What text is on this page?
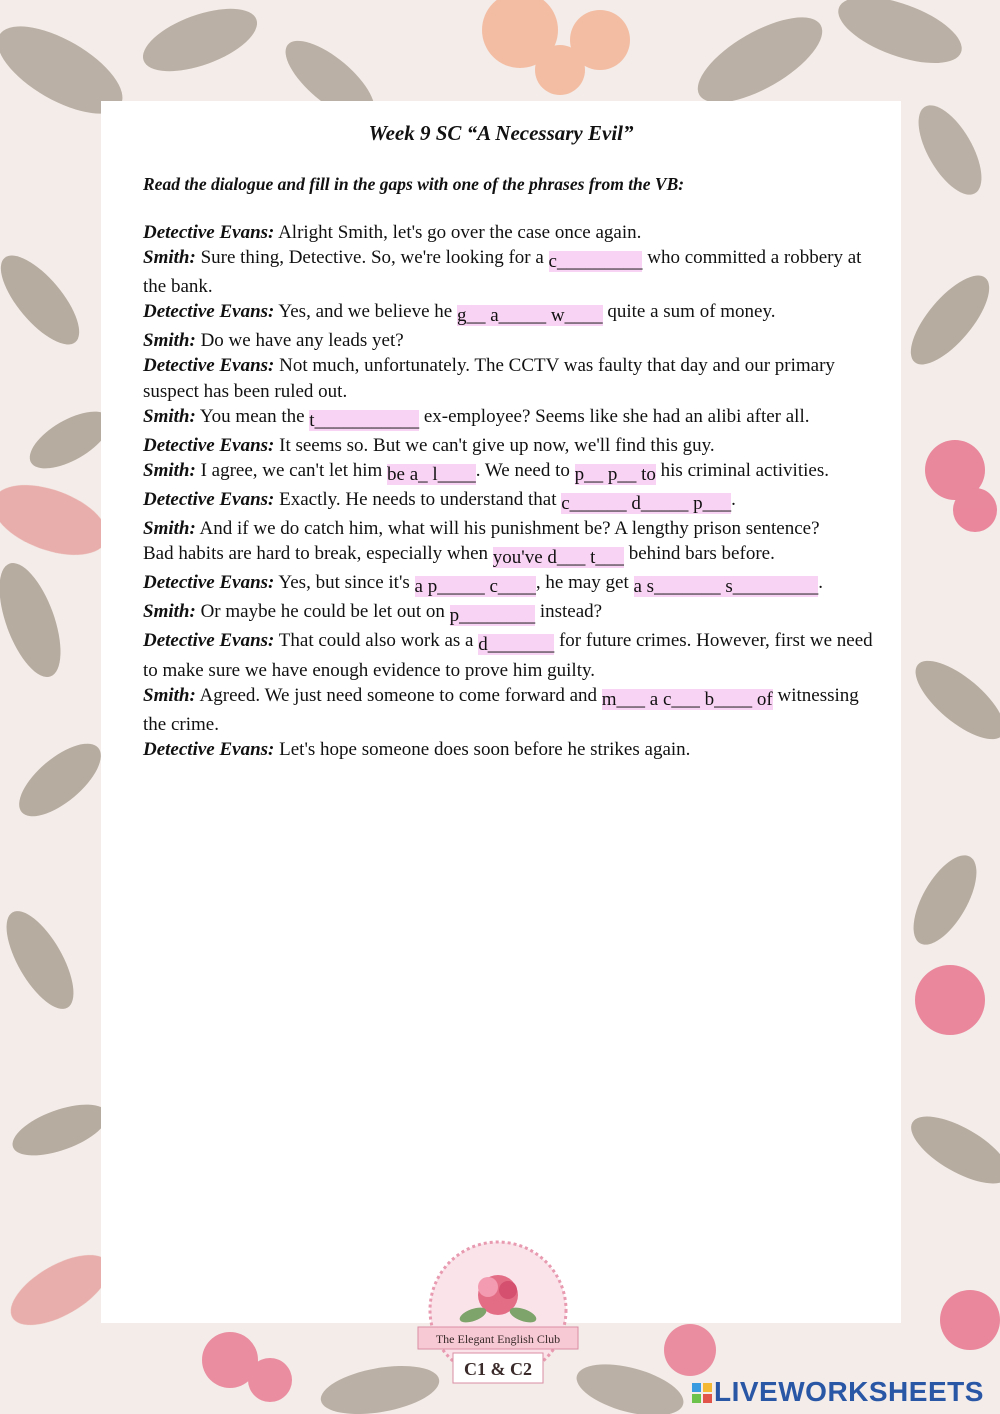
Week 9 SC “A Necessary Evil”
Read the dialogue and fill in the gaps with one of the phrases from the VB:

Detective Evans: Alright Smith, let's go over the case once again.

Smith: Sure thing, Detective. So, we're looking for a c_________ who committed a robbery at the bank.

Detective Evans: Yes, and we believe he g__ a_____ w____ quite a sum of money.

Smith: Do we have any leads yet?

Detective Evans: Not much, unfortunately. The CCTV was faulty that day and our primary suspect has been ruled out.

Smith: You mean the t___________ ex-employee? Seems like she had an alibi after all.

Detective Evans: It seems so. But we can't give up now, we'll find this guy.

Smith: I agree, we can't let him be a_ l____. We need to p__ p__ to his criminal activities.

Detective Evans: Exactly. He needs to understand that c______ d_____ p___.

Smith: And if we do catch him, what will his punishment be? A lengthy prison sentence?

Bad habits are hard to break, especially when you've d___ t___ behind bars before.

Detective Evans: Yes, but since it's a p_____ c____, he may get a s_______ s_________.

Smith: Or maybe he could be let out on p________ instead?

Detective Evans: That could also work as a d_______ for future crimes. However, first we need to make sure we have enough evidence to prove him guilty.

Smith: Agreed. We just need someone to come forward and m___ a c___ b____ of witnessing the crime.

Detective Evans: Let's hope someone does soon before he strikes again.

The Elegant English Club
C1 & C2
LIVEWORKSHEETS
